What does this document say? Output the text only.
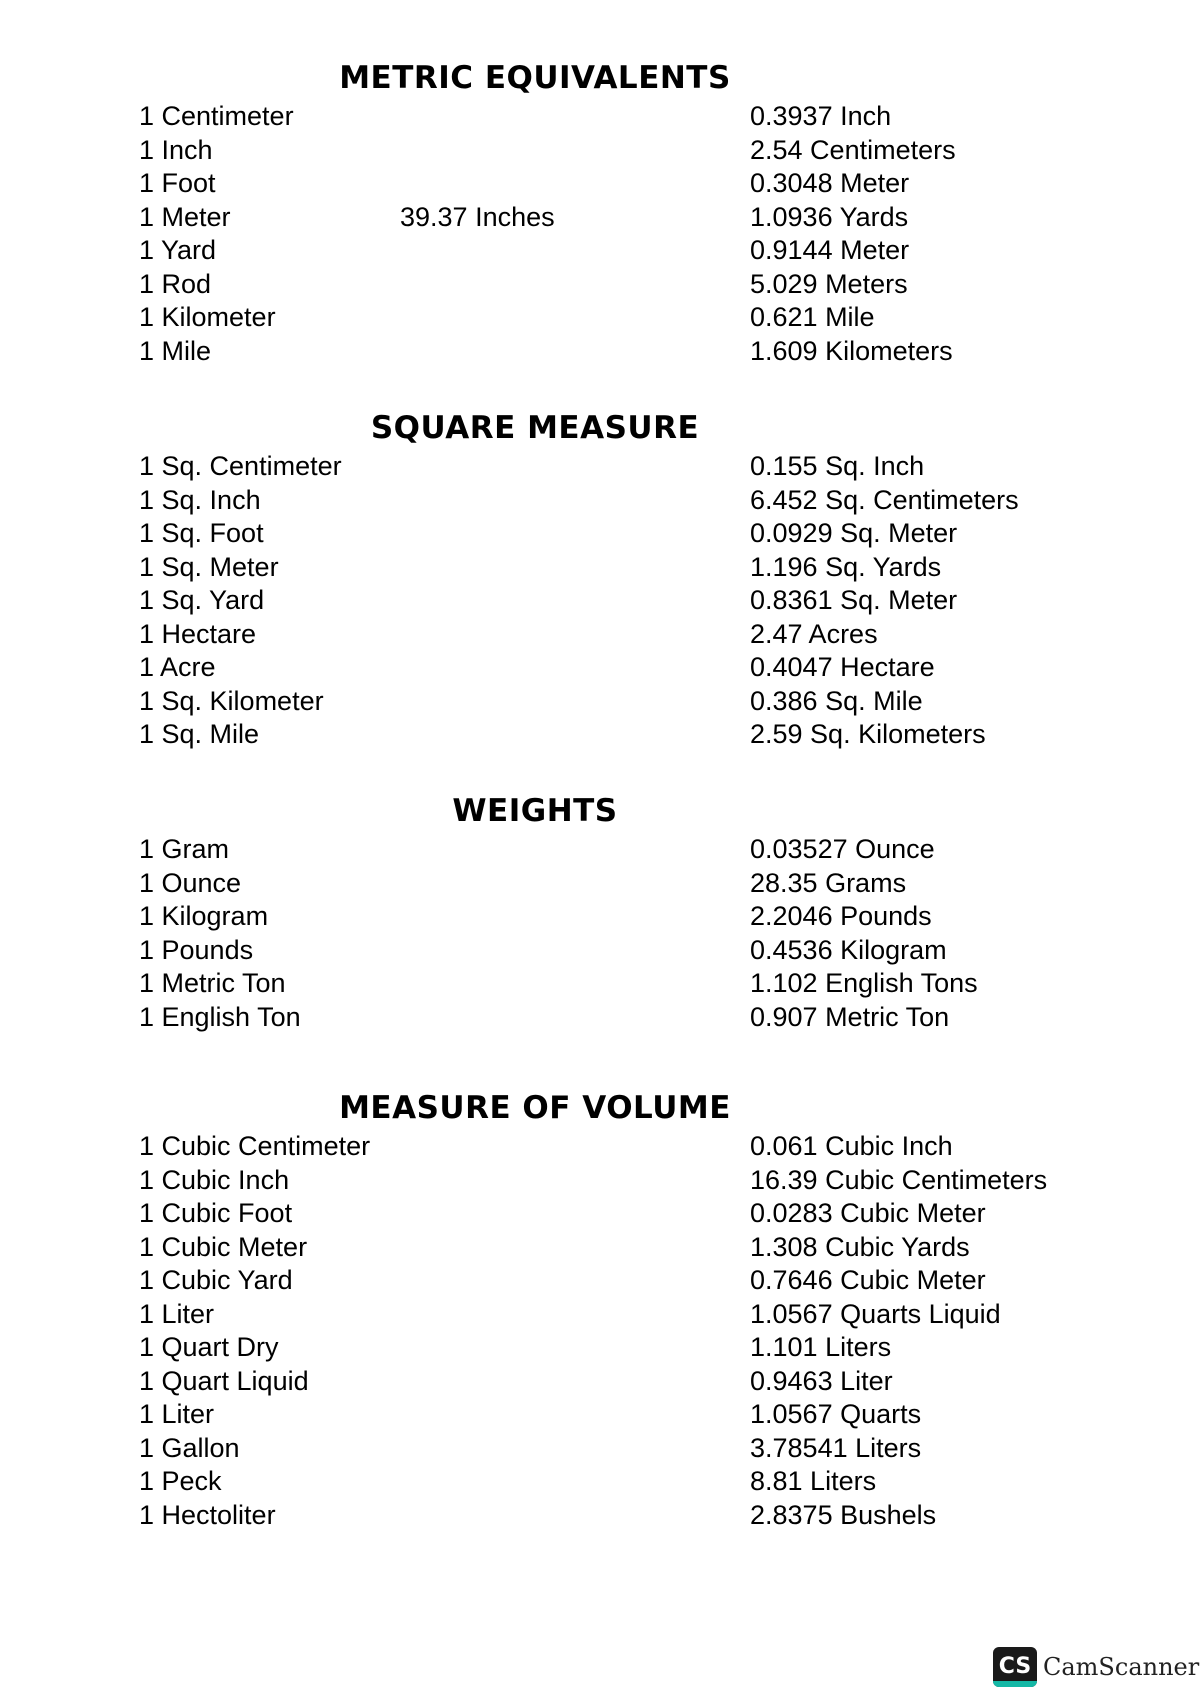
METRIC EQUIVALENTS
1 Centimeter	0.3937 Inch
1 Inch	2.54 Centimeters
1 Foot	0.3048 Meter
1 Meter	39.37 Inches	1.0936 Yards
1 Yard	0.9144 Meter
1 Rod	5.029 Meters
1 Kilometer	0.621 Mile
1 Mile	1.609 Kilometers
SQUARE MEASURE
1 Sq. Centimeter	0.155 Sq. Inch
1 Sq. Inch	6.452 Sq. Centimeters
1 Sq. Foot	0.0929 Sq. Meter
1 Sq. Meter	1.196 Sq. Yards
1 Sq. Yard	0.8361 Sq. Meter
1 Hectare	2.47 Acres
1 Acre	0.4047 Hectare
1 Sq. Kilometer	0.386 Sq. Mile
1 Sq. Mile	2.59 Sq. Kilometers
WEIGHTS
1 Gram	0.03527 Ounce
1 Ounce	28.35 Grams
1 Kilogram	2.2046 Pounds
1 Pounds	0.4536 Kilogram
1 Metric Ton	1.102 English Tons
1 English Ton	0.907 Metric Ton
MEASURE OF VOLUME
1 Cubic Centimeter	0.061 Cubic Inch
1 Cubic Inch	16.39 Cubic Centimeters
1 Cubic Foot	0.0283 Cubic Meter
1 Cubic Meter	1.308 Cubic Yards
1 Cubic Yard	0.7646 Cubic Meter
1 Liter	1.0567 Quarts Liquid
1 Quart Dry	1.101 Liters
1 Quart Liquid	0.9463 Liter
1 Liter	1.0567 Quarts
1 Gallon	3.78541 Liters
1 Peck	8.81 Liters
1 Hectoliter	2.8375 Bushels
CS CamScanner
